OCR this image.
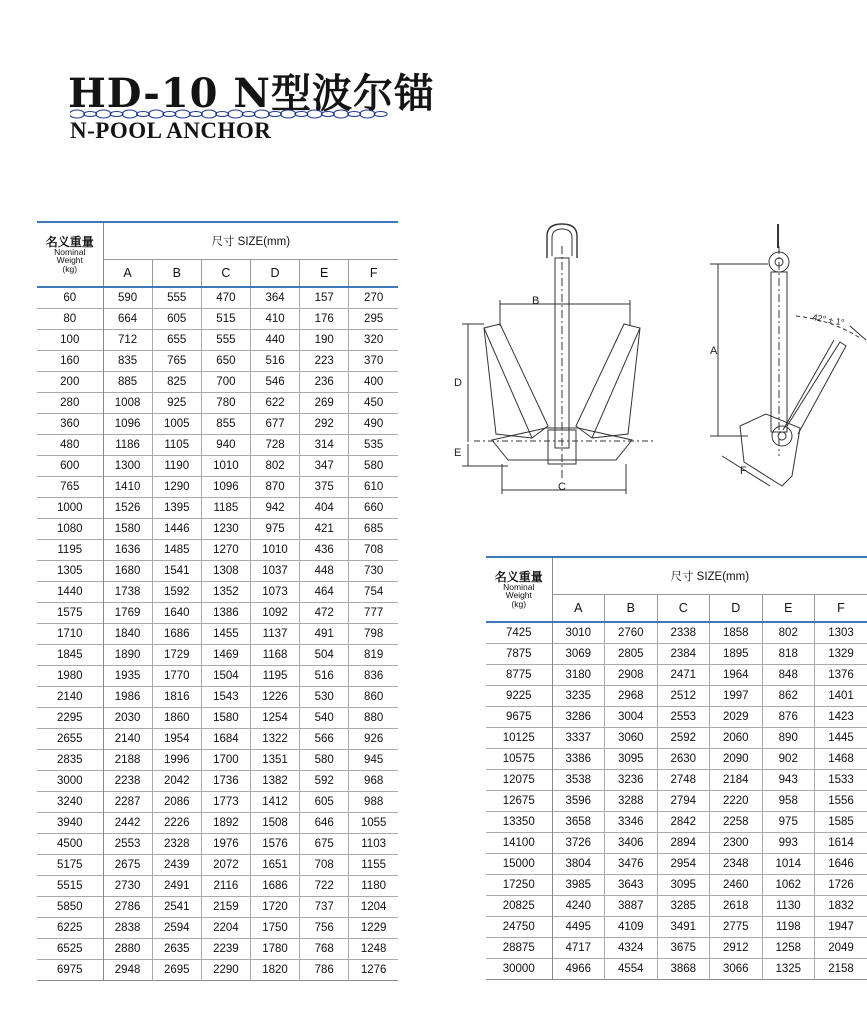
HD-10 N型波尔锚
N-POOL ANCHOR
名义重量
Nominal
Weight
(kg)	尺寸 SIZE(mm)					
	A	B	C	D	E	F
60	590	555	470	364	157	270
80	664	605	515	410	176	295
100	712	655	555	440	190	320
160	835	765	650	516	223	370
200	885	825	700	546	236	400
280	1008	925	780	622	269	450
360	1096	1005	855	677	292	490
480	1186	1105	940	728	314	535
600	1300	1190	1010	802	347	580
765	1410	1290	1096	870	375	610
1000	1526	1395	1185	942	404	660
1080	1580	1446	1230	975	421	685
1195	1636	1485	1270	1010	436	708
1305	1680	1541	1308	1037	448	730
1440	1738	1592	1352	1073	464	754
1575	1769	1640	1386	1092	472	777
1710	1840	1686	1455	1137	491	798
1845	1890	1729	1469	1168	504	819
1980	1935	1770	1504	1195	516	836
2140	1986	1816	1543	1226	530	860
2295	2030	1860	1580	1254	540	880
2655	2140	1954	1684	1322	566	926
2835	2188	1996	1700	1351	580	945
3000	2238	2042	1736	1382	592	968
3240	2287	2086	1773	1412	605	988
3940	2442	2226	1892	1508	646	1055
4500	2553	2328	1976	1576	675	1103
5175	2675	2439	2072	1651	708	1155
5515	2730	2491	2116	1686	722	1180
5850	2786	2541	2159	1720	737	1204
6225	2838	2594	2204	1750	756	1229
6525	2880	2635	2239	1780	768	1248
6975	2948	2695	2290	1820	786	1276
名义重量
Nominal
Weight
(kg)	尺寸 SIZE(mm)					
	A	B	C	D	E	F
7425	3010	2760	2338	1858	802	1303
7875	3069	2805	2384	1895	818	1329
8775	3180	2908	2471	1964	848	1376
9225	3235	2968	2512	1997	862	1401
9675	3286	3004	2553	2029	876	1423
10125	3337	3060	2592	2060	890	1445
10575	3386	3095	2630	2090	902	1468
12075	3538	3236	2748	2184	943	1533
12675	3596	3288	2794	2220	958	1556
13350	3658	3346	2842	2258	975	1585
14100	3726	3406	2894	2300	993	1614
15000	3804	3476	2954	2348	1014	1646
17250	3985	3643	3095	2460	1062	1726
20825	4240	3887	3285	2618	1130	1832
24750	4495	4109	3491	2775	1198	1947
28875	4717	4324	3675	2912	1258	2049
30000	4966	4554	3868	3066	1325	2158
B
D
E
C
A
F
42° ± 1°
